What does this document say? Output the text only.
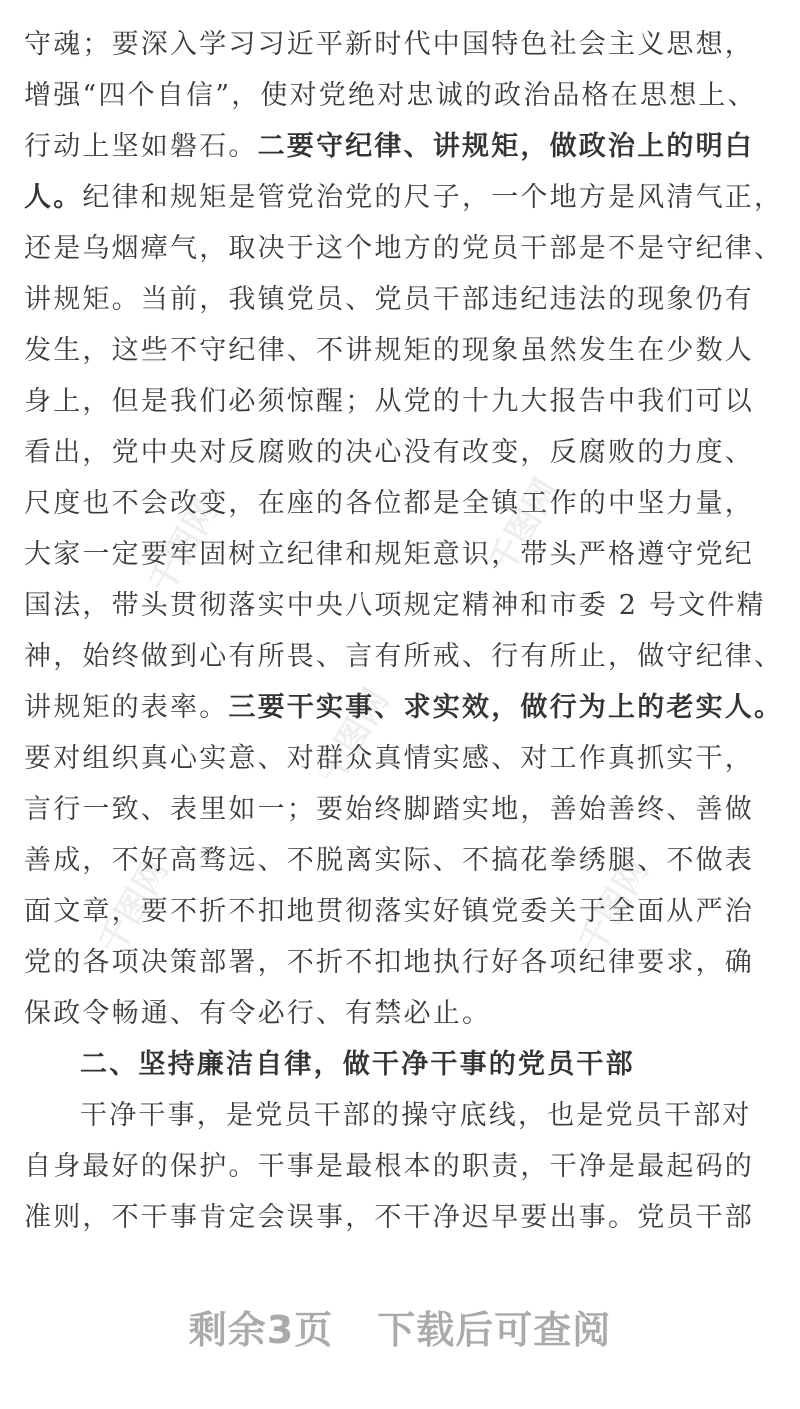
千图网	千图网
千图网
千图网	千图网
守魂；要深入学习习近平新时代中国特色社会主义思想，
增强“四个自信”，使对党绝对忠诚的政治品格在思想上、
行动上坚如磐石。二要守纪律、讲规矩，做政治上的明白
人。纪律和规矩是管党治党的尺子，一个地方是风清气正，
还是乌烟瘴气，取决于这个地方的党员干部是不是守纪律、
讲规矩。当前，我镇党员、党员干部违纪违法的现象仍有
发生，这些不守纪律、不讲规矩的现象虽然发生在少数人
身上，但是我们必须惊醒；从党的十九大报告中我们可以
看出，党中央对反腐败的决心没有改变，反腐败的力度、
尺度也不会改变，在座的各位都是全镇工作的中坚力量，
大家一定要牢固树立纪律和规矩意识，带头严格遵守党纪
国法，带头贯彻落实中央八项规定精神和市委 2 号文件精
神，始终做到心有所畏、言有所戒、行有所止，做守纪律、
讲规矩的表率。三要干实事、求实效，做行为上的老实人。
要对组织真心实意、对群众真情实感、对工作真抓实干，
言行一致、表里如一；要始终脚踏实地，善始善终、善做
善成，不好高骛远、不脱离实际、不搞花拳绣腿、不做表
面文章，要不折不扣地贯彻落实好镇党委关于全面从严治
党的各项决策部署，不折不扣地执行好各项纪律要求，确
保政令畅通、有令必行、有禁必止。
二、坚持廉洁自律，做干净干事的党员干部
干净干事，是党员干部的操守底线，也是党员干部对
自身最好的保护。干事是最根本的职责，干净是最起码的
准则，不干事肯定会误事，不干净迟早要出事。党员干部
剩余3页 下载后可查阅
